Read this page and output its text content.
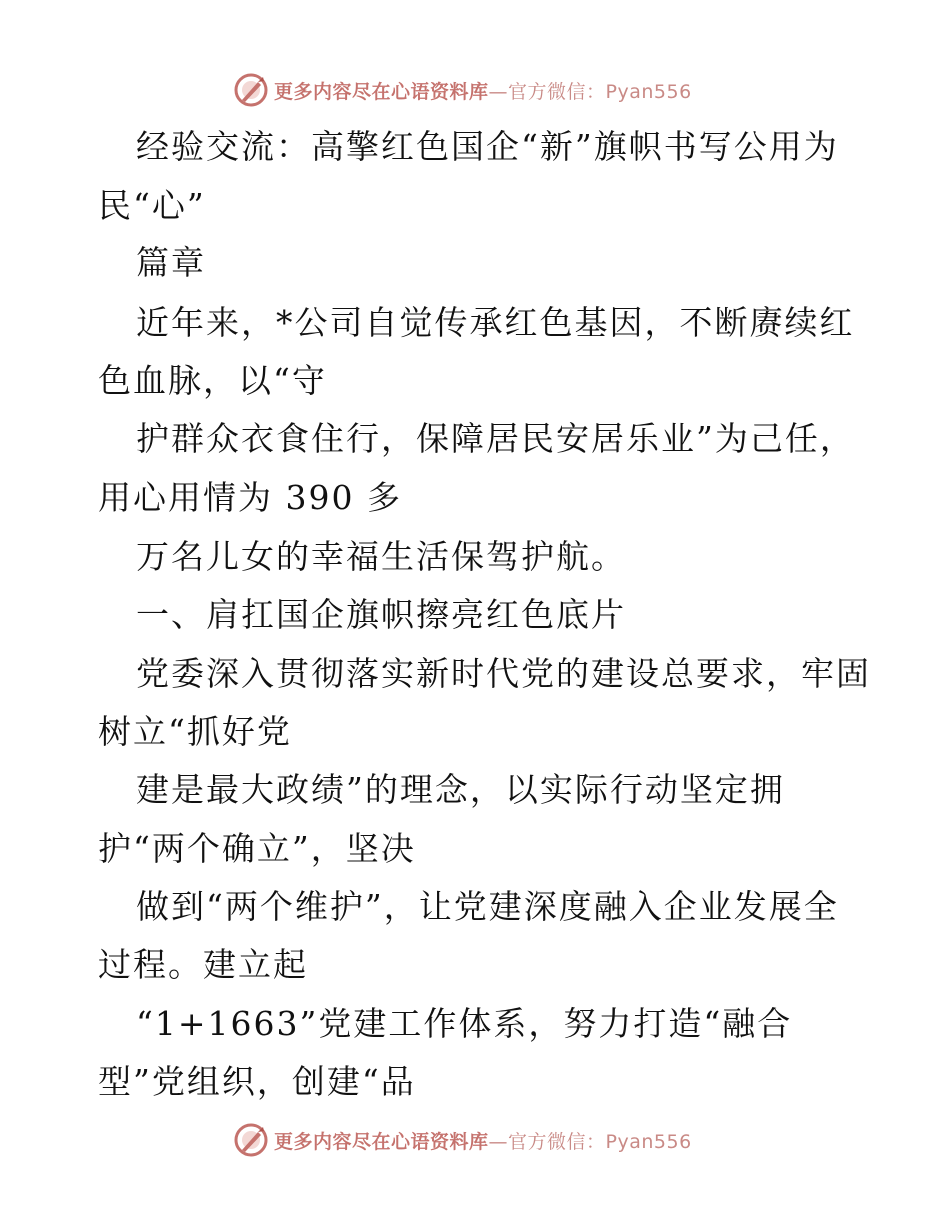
更多内容尽在心语资料库—官方微信：Pyan556
经验交流：高擎红色国企“新”旗帜书写公用为
民“心”
篇章
近年来，*公司自觉传承红色基因，不断赓续红
色血脉，以“守
护群众衣食住行，保障居民安居乐业”为己任，
用心用情为 390 多
万名儿女的幸福生活保驾护航。
一、肩扛国企旗帜擦亮红色底片
党委深入贯彻落实新时代党的建设总要求，牢固
树立“抓好党
建是最大政绩”的理念，以实际行动坚定拥
护“两个确立”，坚决
做到“两个维护”，让党建深度融入企业发展全
过程。建立起
“1+1663”党建工作体系，努力打造“融合
型”党组织，创建“品
更多内容尽在心语资料库—官方微信：Pyan556
